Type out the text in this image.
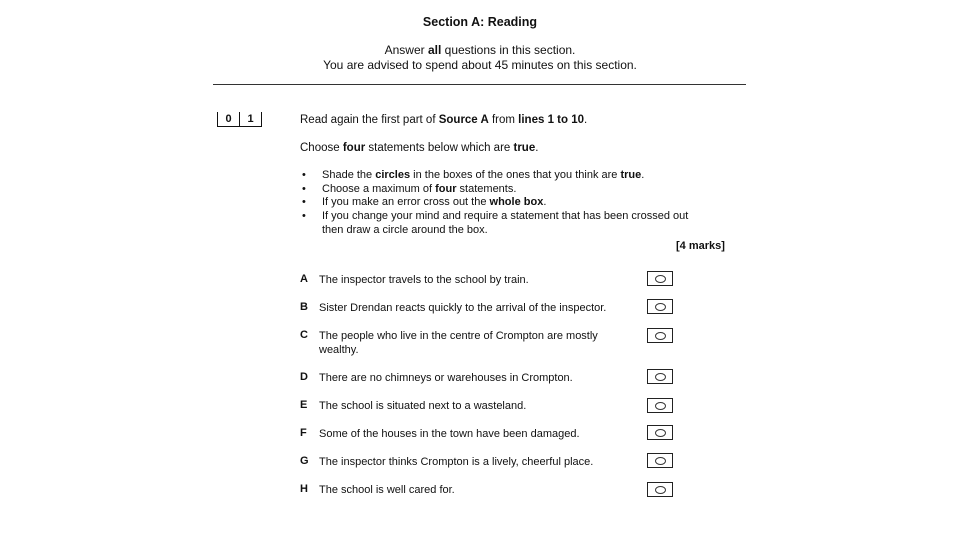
Section A: Reading
Answer all questions in this section.
You are advised to spend about 45 minutes on this section.
0	1	Read again the first part of Source A from lines 1 to 10.
Choose four statements below which are true.
• Shade the circles in the boxes of the ones that you think are true.
• Choose a maximum of four statements.
• If you make an error cross out the whole box.
• If you change your mind and require a statement that has been crossed out
then draw a circle around the box.
[4 marks]
A The inspector travels to the school by train.
B Sister Drendan reacts quickly to the arrival of the inspector.
C The people who live in the centre of Crompton are mostly
wealthy.
D There are no chimneys or warehouses in Crompton.
E The school is situated next to a wasteland.
F Some of the houses in the town have been damaged.
G The inspector thinks Crompton is a lively, cheerful place.
H The school is well cared for.
